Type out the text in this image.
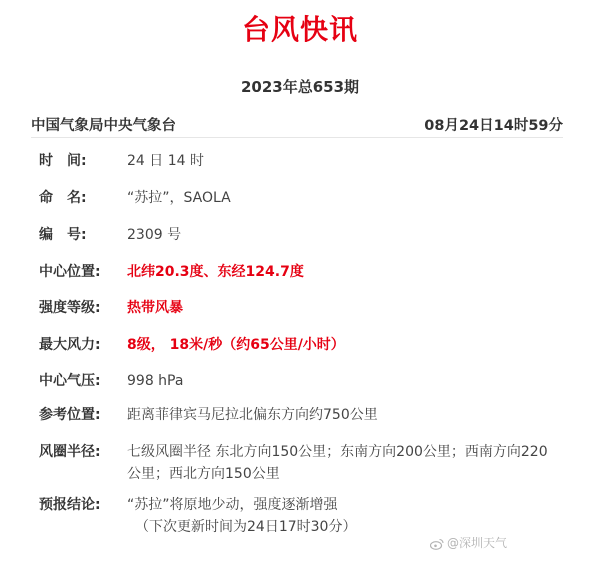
台风快讯
2023年总653期
中国气象局中央气象台	08月24日14时59分
时　间:	24 日 14 时
命　名:	“苏拉”，SAOLA
编　号:	2309 号
中心位置:	北纬20.3度、东经124.7度
强度等级:	热带风暴
最大风力:	8级， 18米/秒（约65公里/小时）
中心气压:	998 hPa
参考位置:	距离菲律宾马尼拉北偏东方向约750公里
风圈半径:	七级风圈半径 东北方向150公里；东南方向200公里；西南方向220
公里；西北方向150公里
预报结论:	“苏拉”将原地少动，强度逐渐增强
（下次更新时间为24日17时30分）
@深圳天气
